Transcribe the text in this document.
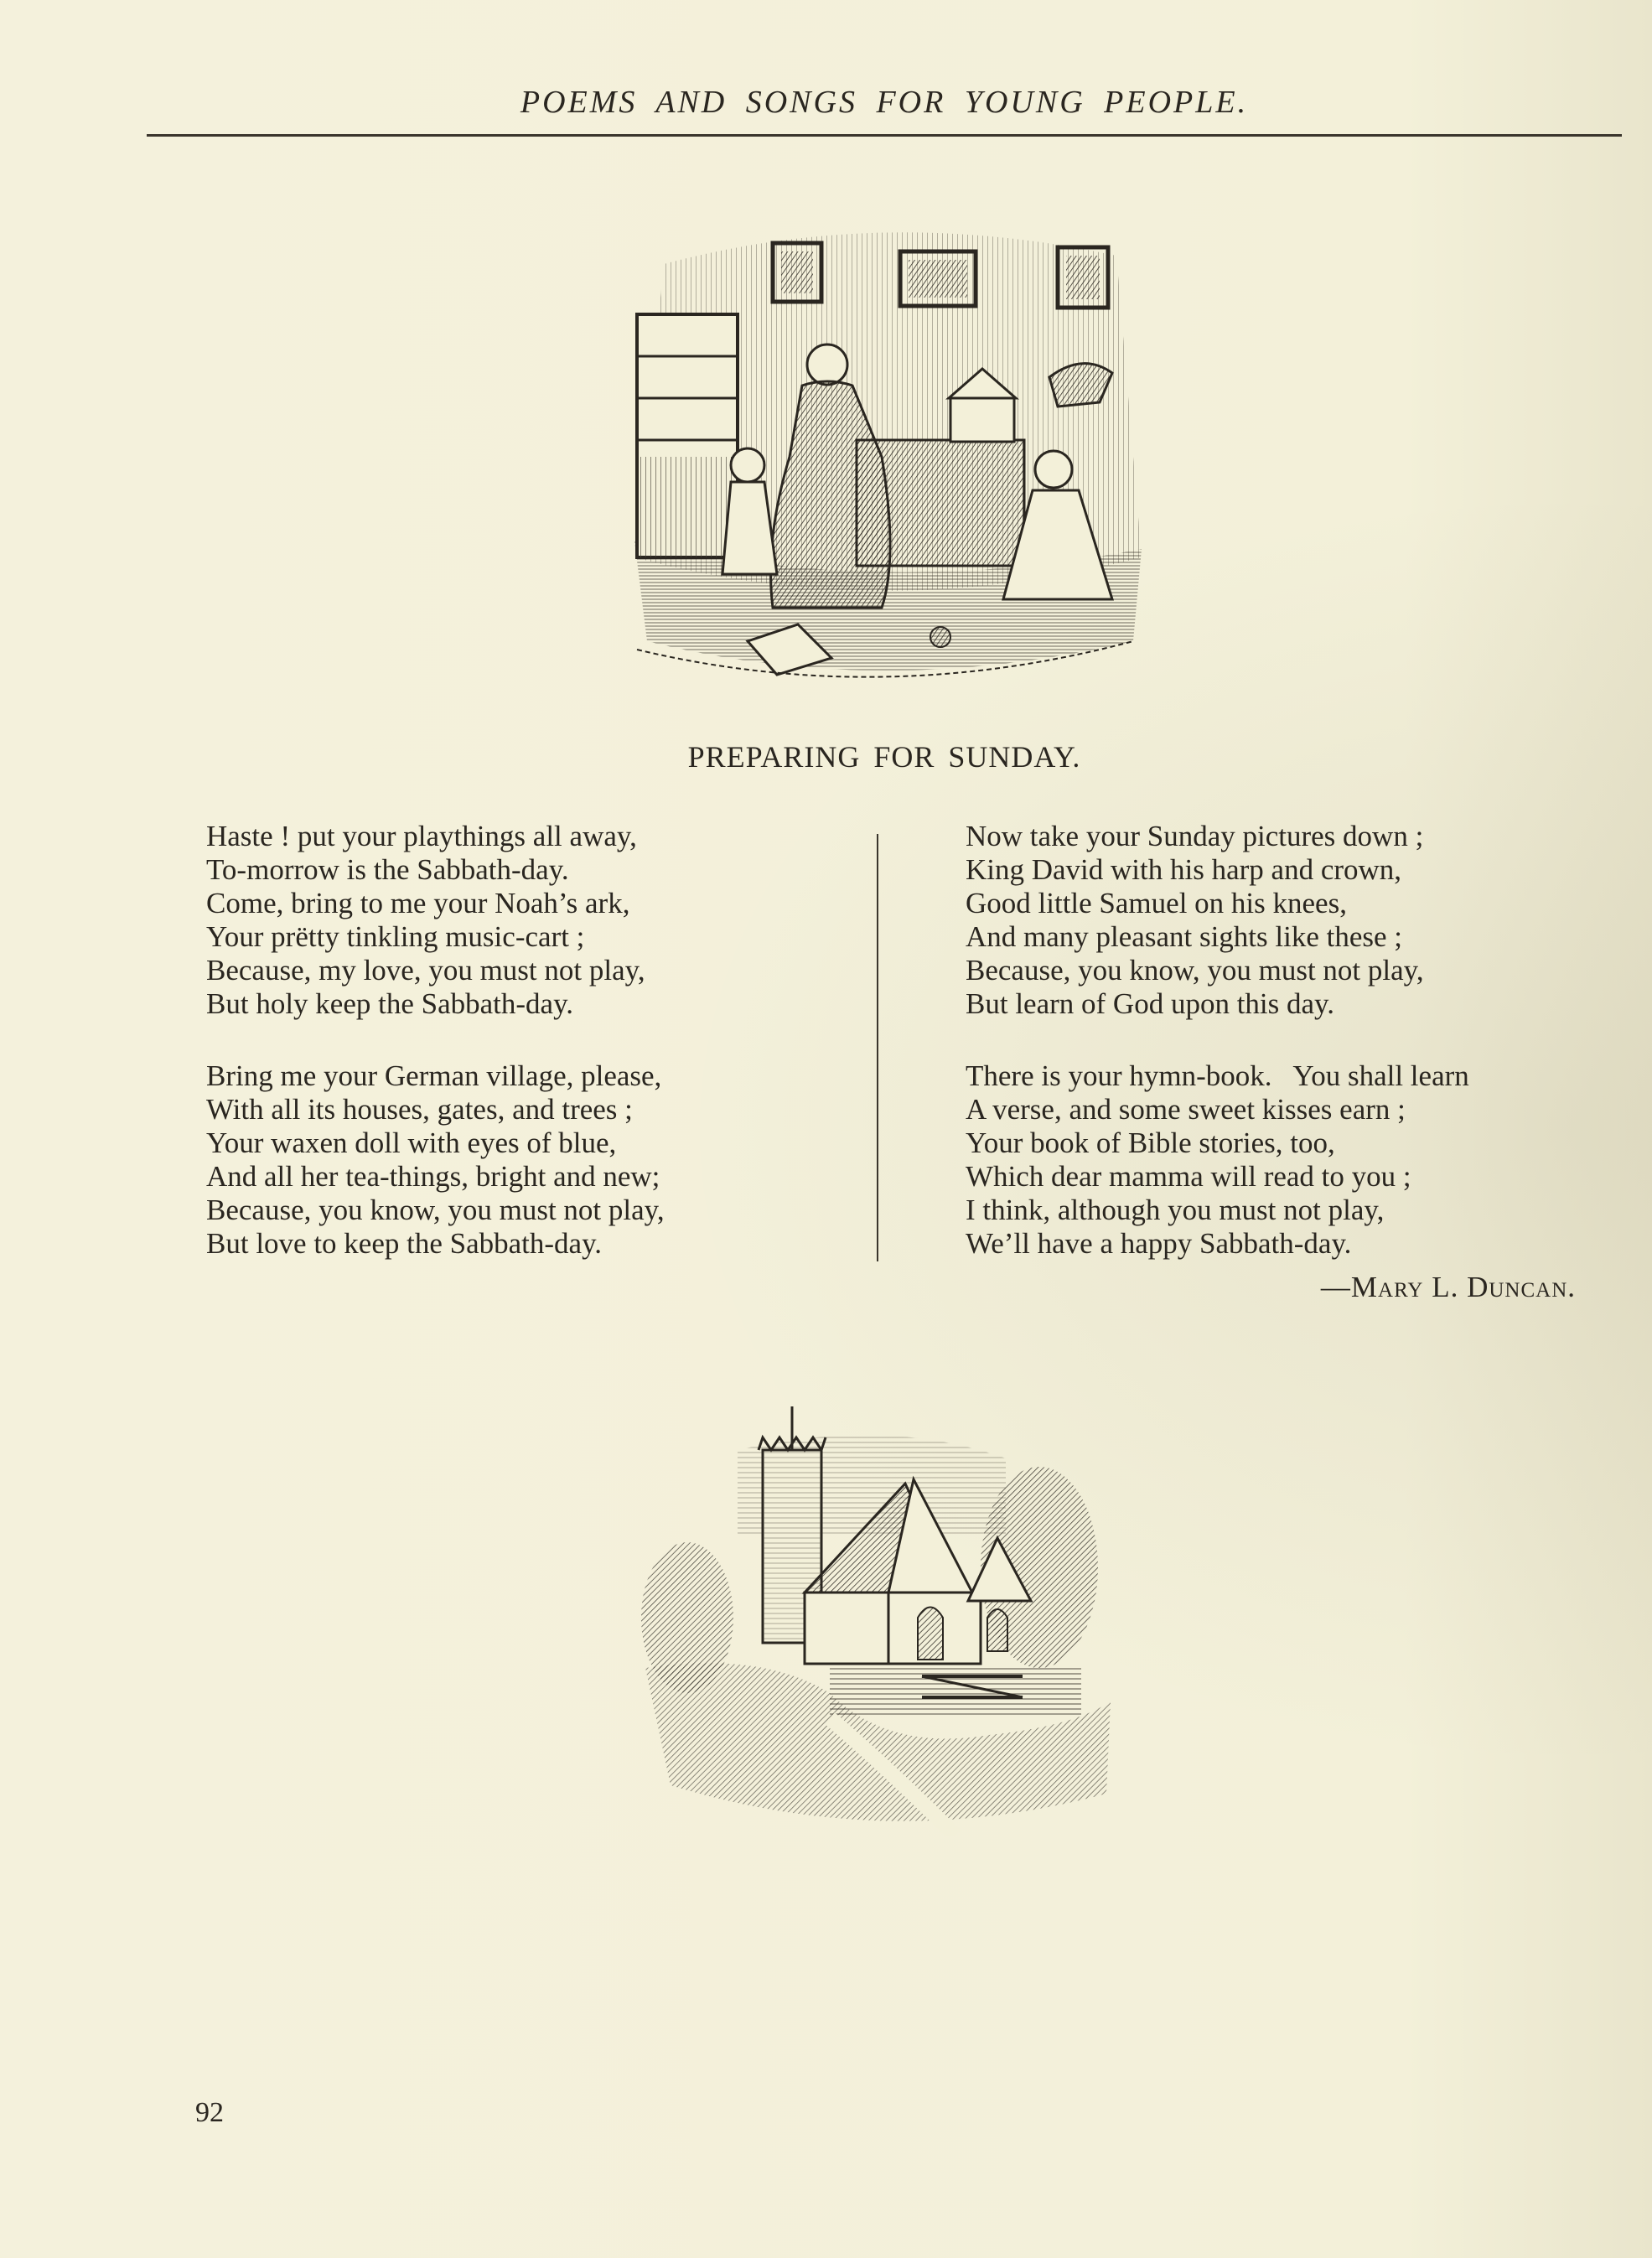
POEMS AND SONGS FOR YOUNG PEOPLE.
PREPARING FOR SUNDAY.
Haste ! put your playthings all away,
To-morrow is the Sabbath-day.
Come, bring to me your Noah’s ark,
Your prëtty tinkling music-cart ;
Because, my love, you must not play,
But holy keep the Sabbath-day.
Bring me your German village, please,
With all its houses, gates, and trees ;
Your waxen doll with eyes of blue,
And all her tea-things, bright and new;
Because, you know, you must not play,
But love to keep the Sabbath-day.
Now take your Sunday pictures down ;
King David with his harp and crown,
Good little Samuel on his knees,
And many pleasant sights like these ;
Because, you know, you must not play,
But learn of God upon this day.
There is your hymn-book.   You shall learn
A verse, and some sweet kisses earn ;
Your book of Bible stories, too,
Which dear mamma will read to you ;
I think, although you must not play,
We’ll have a happy Sabbath-day.
—Mary L. Duncan.
92
